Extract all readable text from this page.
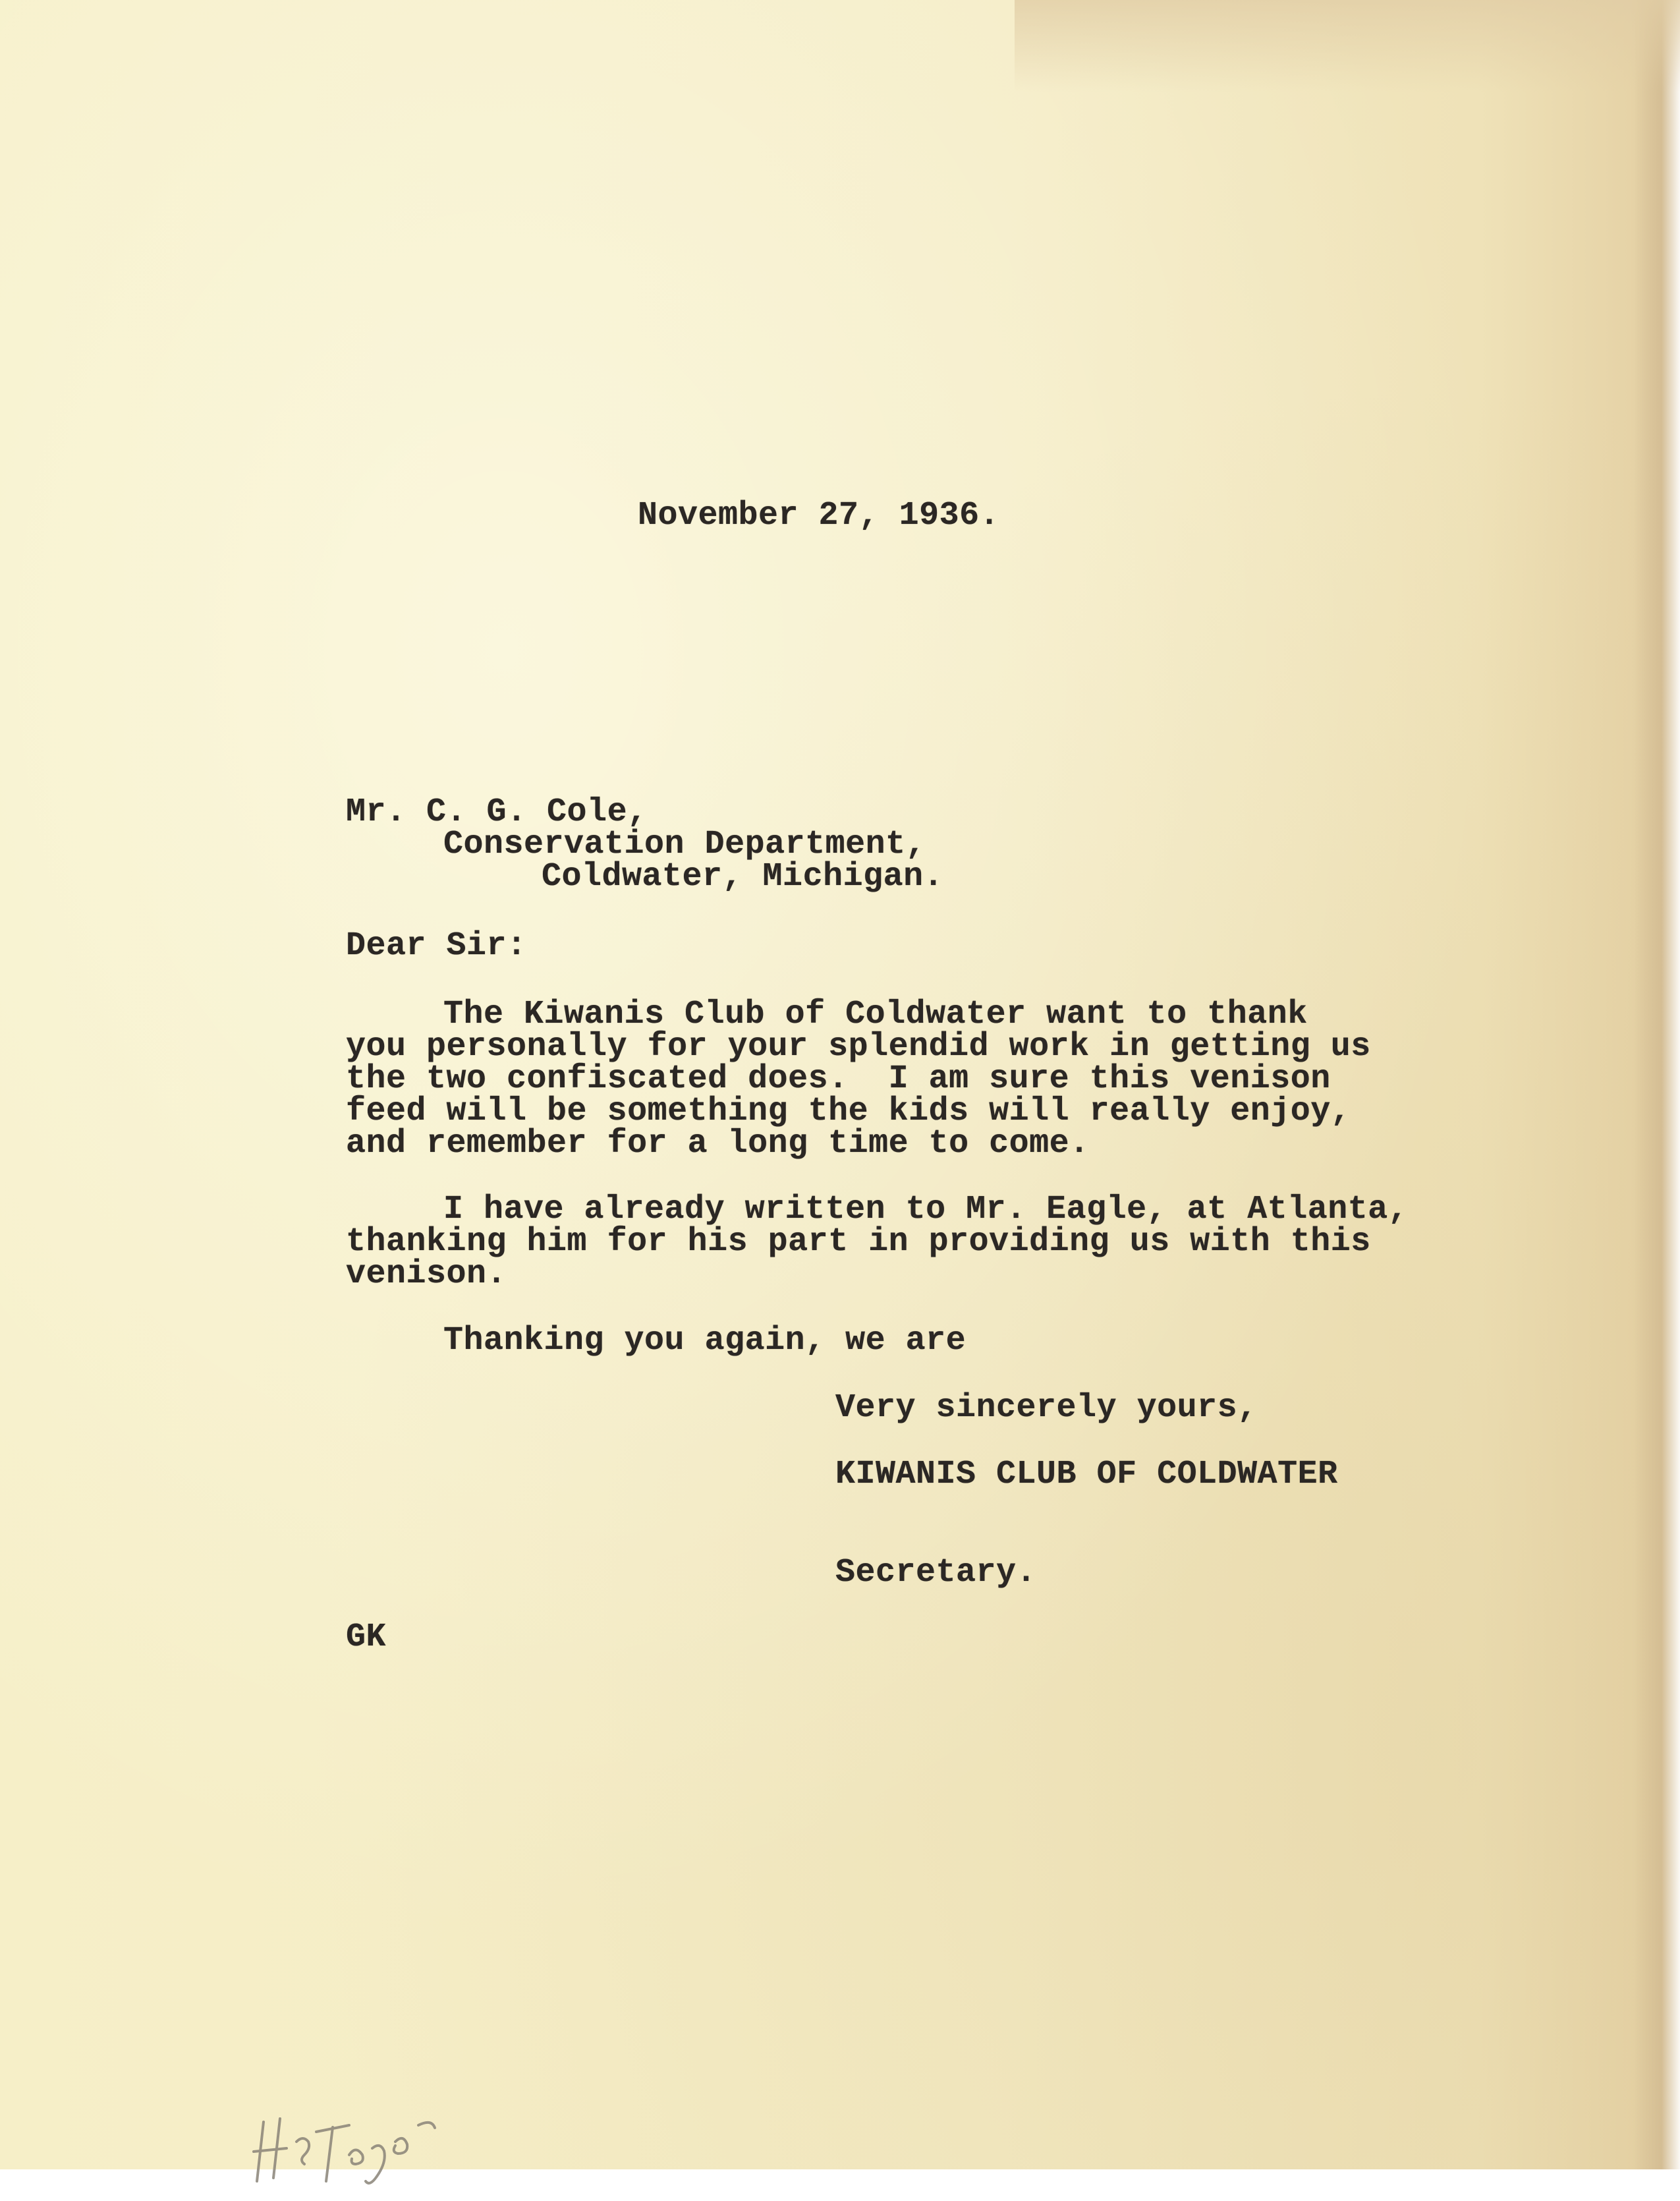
November 27, 1936.

Mr. C. G. Cole,

Conservation Department,

Coldwater, Michigan.

Dear Sir:

The Kiwanis Club of Coldwater want to thank

you personally for your splendid work in getting us

the two confiscated does.  I am sure this venison

feed will be something the kids will really enjoy,

and remember for a long time to come.

I have already written to Mr. Eagle, at Atlanta,

thanking him for his part in providing us with this

venison.

Thanking you again, we are

Very sincerely yours,

KIWANIS CLUB OF COLDWATER

Secretary.

GK
